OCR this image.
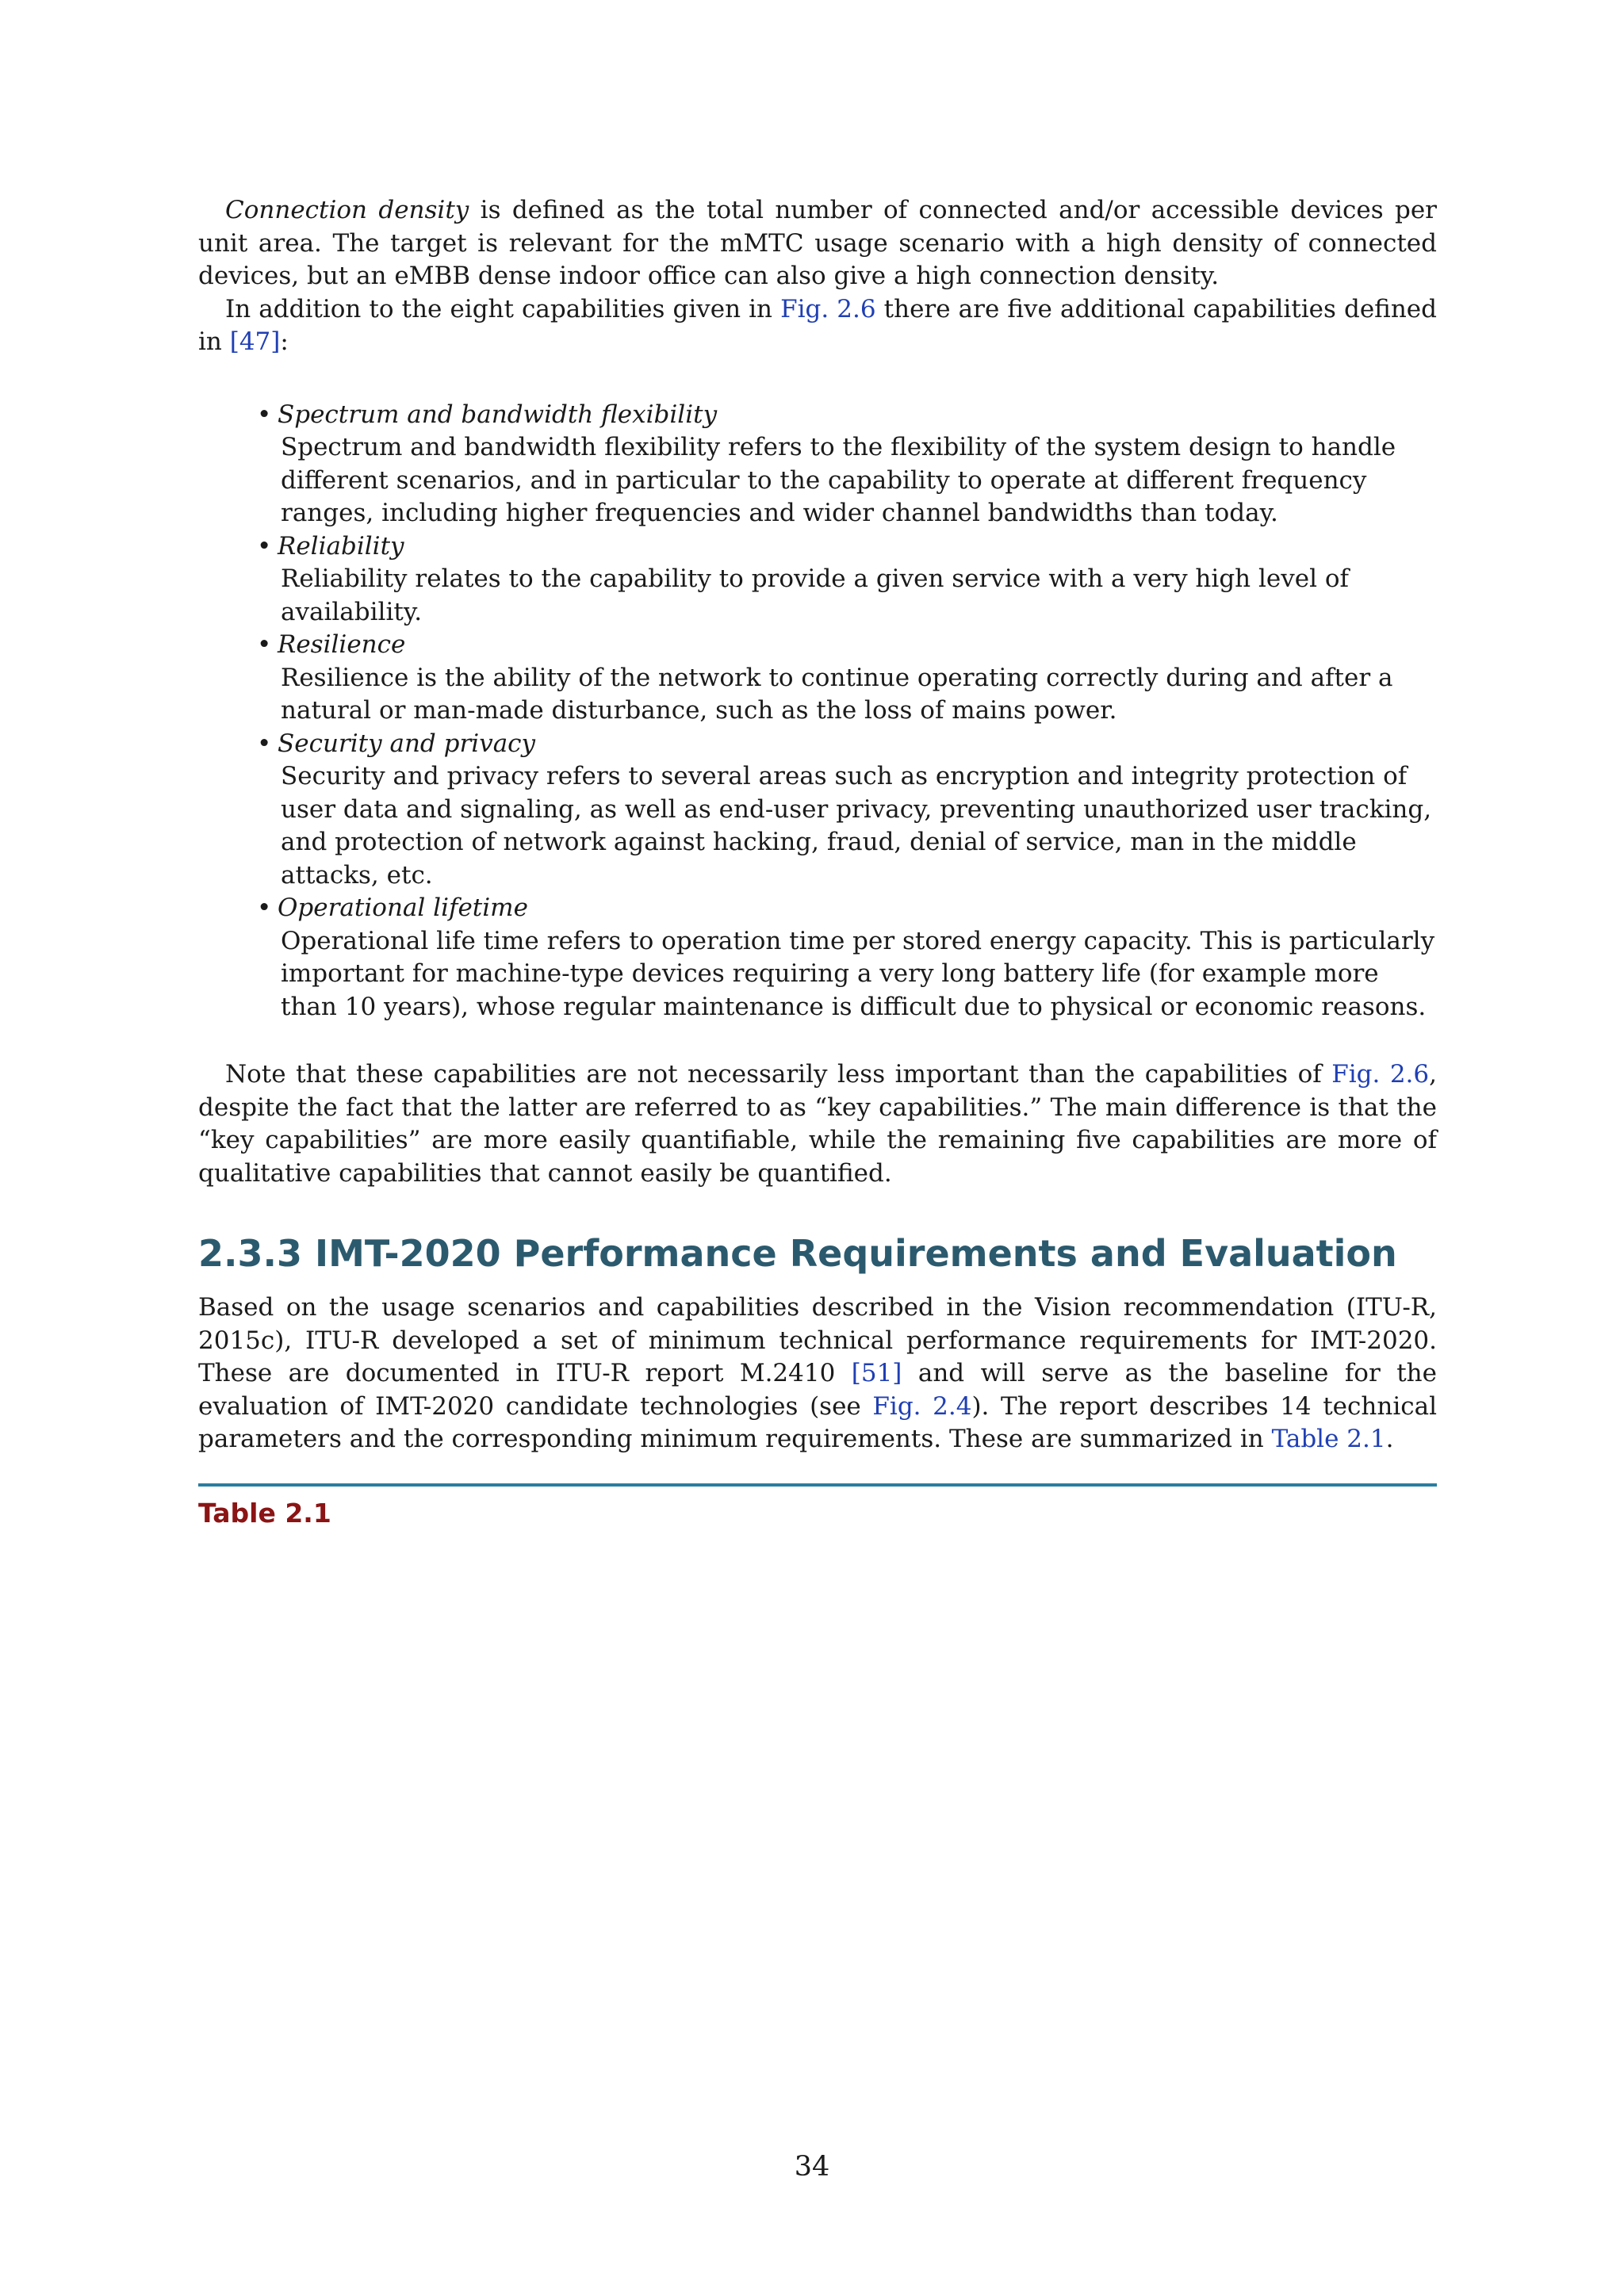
Connection density is defined as the total number of connected and/or accessible devices per unit area. The target is relevant for the mMTC usage scenario with a high density of connected devices, but an eMBB dense indoor office can also give a high connection density.

In addition to the eight capabilities given in Fig. 2.6 there are five additional capabilities defined in [47]:

• Spectrum and bandwidth flexibility
Spectrum and bandwidth flexibility refers to the flexibility of the system design to handle different scenarios, and in particular to the capability to operate at different frequency ranges, including higher frequencies and wider channel bandwidths than today.
• Reliability
Reliability relates to the capability to provide a given service with a very high level of availability.
• Resilience
Resilience is the ability of the network to continue operating correctly during and after a natural or man-made disturbance, such as the loss of mains power.
• Security and privacy
Security and privacy refers to several areas such as encryption and integrity protection of user data and signaling, as well as end-user privacy, preventing unauthorized user tracking, and protection of network against hacking, fraud, denial of service, man in the middle attacks, etc.
• Operational lifetime
Operational life time refers to operation time per stored energy capacity. This is particularly important for machine-type devices requiring a very long battery life (for example more than 10 years), whose regular maintenance is difficult due to physical or economic reasons.

Note that these capabilities are not necessarily less important than the capabilities of Fig. 2.6, despite the fact that the latter are referred to as “key capabilities.” The main difference is that the “key capabilities” are more easily quantifiable, while the remaining five capabilities are more of qualitative capabilities that cannot easily be quantified.

2.3.3 IMT-2020 Performance Requirements and Evaluation

Based on the usage scenarios and capabilities described in the Vision recommendation (ITU-R, 2015c), ITU-R developed a set of minimum technical performance requirements for IMT-2020. These are documented in ITU-R report M.2410 [51] and will serve as the baseline for the evaluation of IMT-2020 candidate technologies (see Fig. 2.4). The report describes 14 technical parameters and the corresponding minimum requirements. These are summarized in Table 2.1.

Table 2.1
34
